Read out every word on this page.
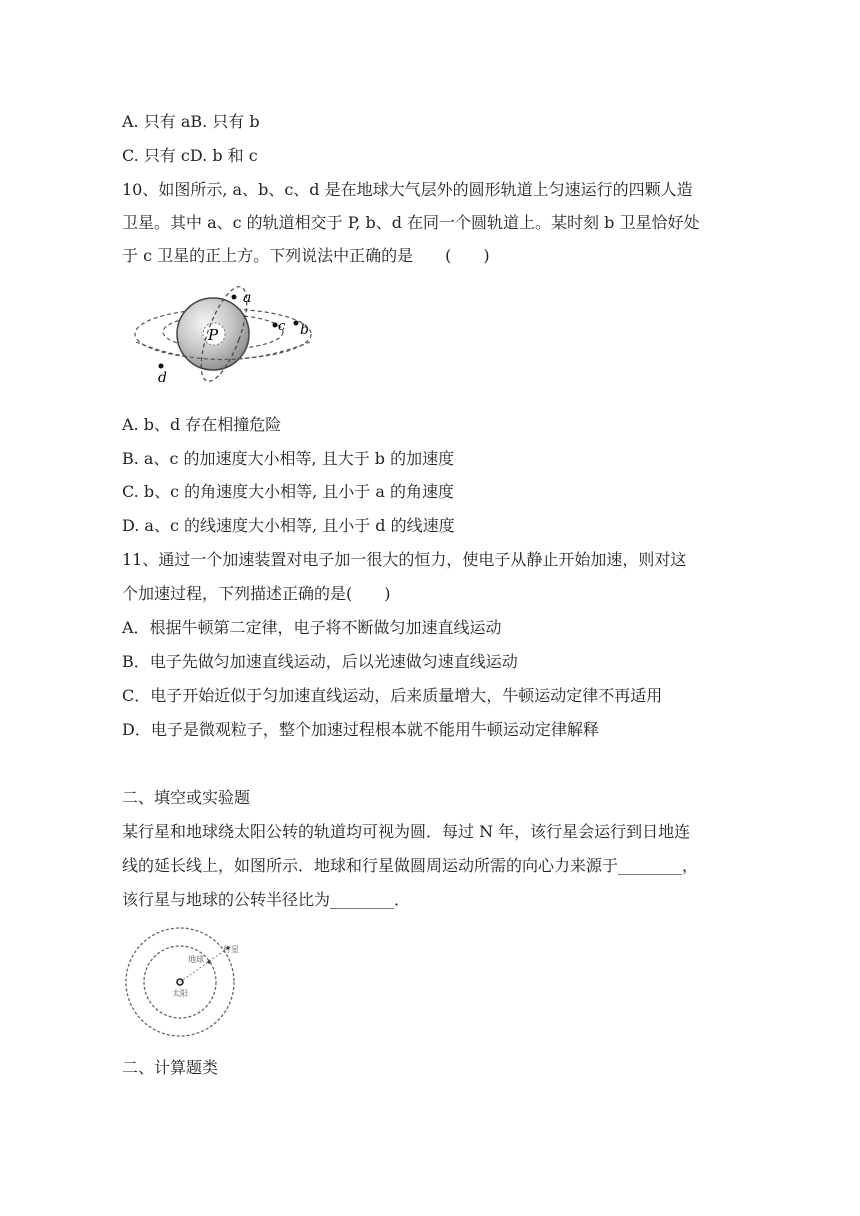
A. 只有 aB. 只有 b
C. 只有 cD. b 和 c
10、如图所示, a、b、c、d 是在地球大气层外的圆形轨道上匀速运行的四颗人造
卫星。其中 a、c 的轨道相交于 P, b、d 在同一个圆轨道上。某时刻 b 卫星恰好处
于 c 卫星的正上方。下列说法中正确的是　　(　　)
a
c b
d
P
A. b、d 存在相撞危险
B. a、c 的加速度大小相等, 且大于 b 的加速度
C. b、c 的角速度大小相等, 且小于 a 的角速度
D. a、c 的线速度大小相等, 且小于 d 的线速度
11、通过一个加速装置对电子加一很大的恒力，使电子从静止开始加速，则对这
个加速过程，下列描述正确的是(　　)
A．根据牛顿第二定律，电子将不断做匀加速直线运动
B．电子先做匀加速直线运动，后以光速做匀速直线运动
C．电子开始近似于匀加速直线运动，后来质量增大，牛顿运动定律不再适用
D．电子是微观粒子，整个加速过程根本就不能用牛顿运动定律解释
二、填空或实验题
某行星和地球绕太阳公转的轨道均可视为圆．每过 N 年，该行星会运行到日地连
线的延长线上，如图所示．地球和行星做圆周运动所需的向心力来源于________，
该行星与地球的公转半径比为________．
行星
地球
太阳
二、计算题类
